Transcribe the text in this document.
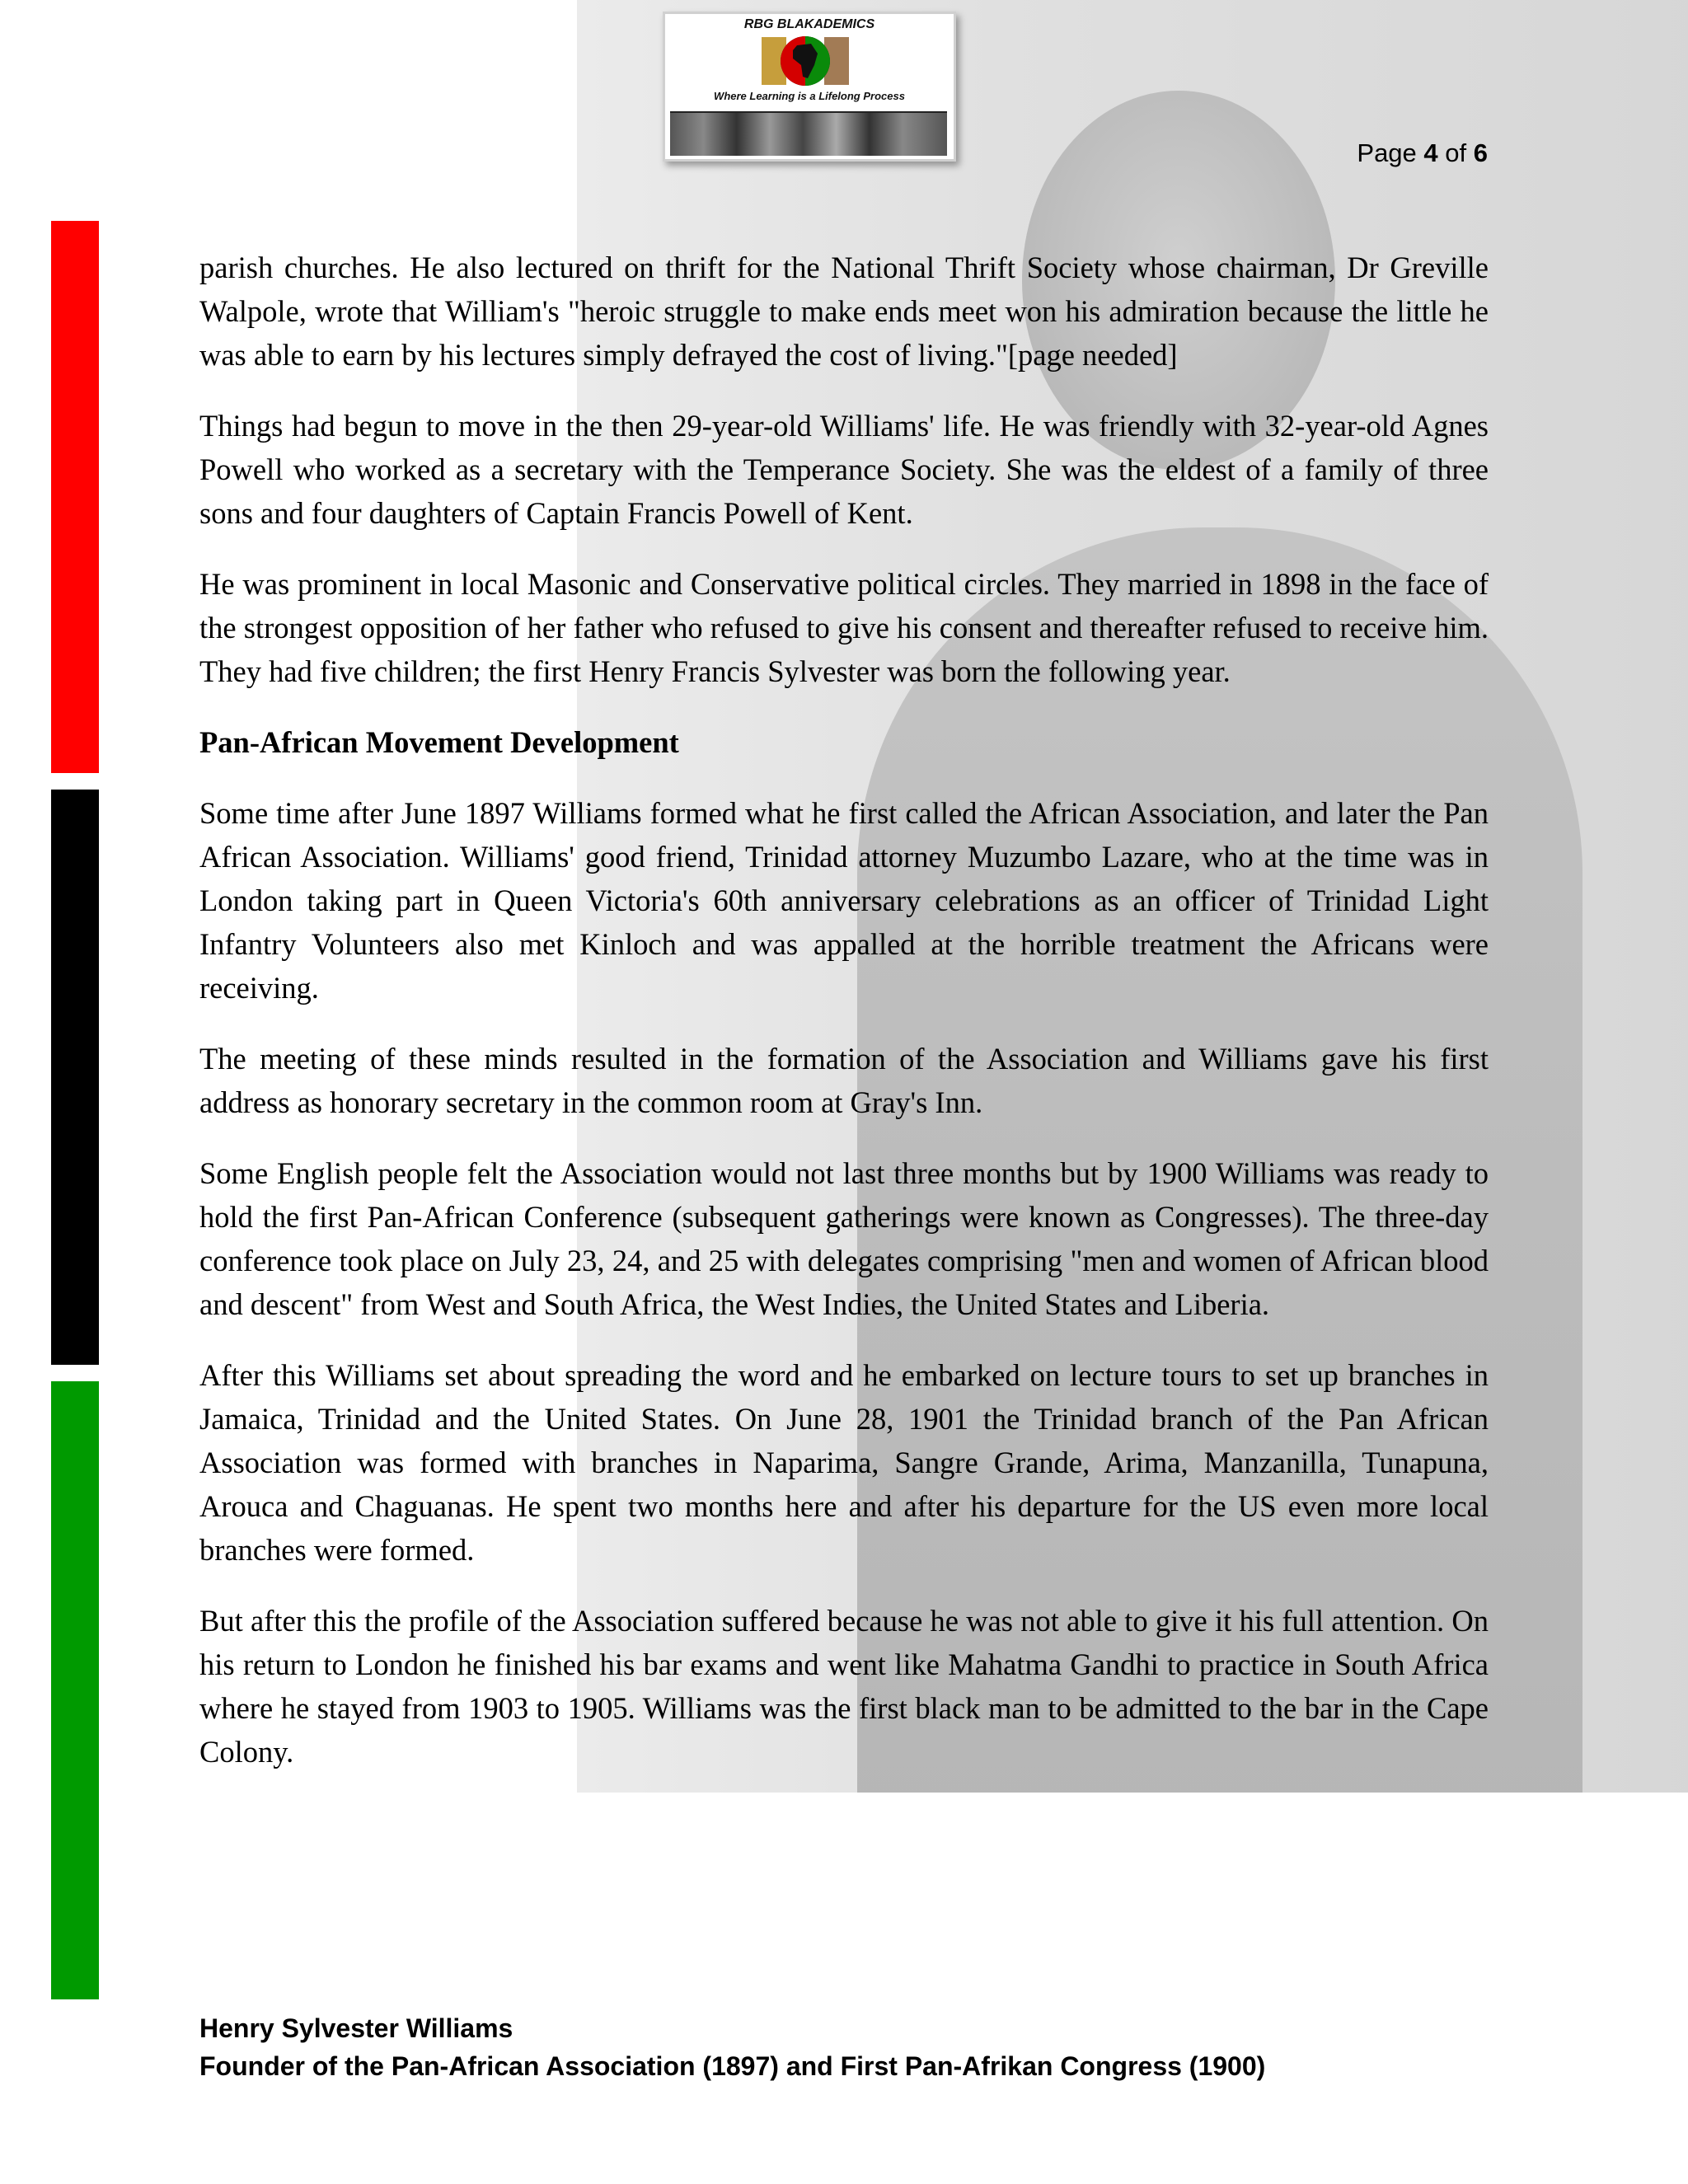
RBG BLAKADEMICS
Where Learning is a Lifelong Process
Page 4 of 6

parish churches. He also lectured on thrift for the National Thrift Society whose chairman, Dr Greville Walpole, wrote that William's "heroic struggle to make ends meet won his admiration because the little he was able to earn by his lectures simply defrayed the cost of living."[page needed]

Things had begun to move in the then 29-year-old Williams' life. He was friendly with 32-year-old Agnes Powell who worked as a secretary with the Temperance Society. She was the eldest of a family of three sons and four daughters of Captain Francis Powell of Kent.

He was prominent in local Masonic and Conservative political circles. They married in 1898 in the face of the strongest opposition of her father who refused to give his consent and thereafter refused to receive him. They had five children; the first Henry Francis Sylvester was born the following year.

Pan-African Movement Development

Some time after June 1897 Williams formed what he first called the African Association, and later the Pan African Association. Williams' good friend, Trinidad attorney Muzumbo Lazare, who at the time was in London taking part in Queen Victoria's 60th anniversary celebrations as an officer of Trinidad Light Infantry Volunteers also met Kinloch and was appalled at the horrible treatment the Africans were receiving.

The meeting of these minds resulted in the formation of the Association and Williams gave his first address as honorary secretary in the common room at Gray's Inn.

Some English people felt the Association would not last three months but by 1900 Williams was ready to hold the first Pan-African Conference (subsequent gatherings were known as Congresses). The three-day conference took place on July 23, 24, and 25 with delegates comprising "men and women of African blood and descent" from West and South Africa, the West Indies, the United States and Liberia.

After this Williams set about spreading the word and he embarked on lecture tours to set up branches in Jamaica, Trinidad and the United States. On June 28, 1901 the Trinidad branch of the Pan African Association was formed with branches in Naparima, Sangre Grande, Arima, Manzanilla, Tunapuna, Arouca and Chaguanas. He spent two months here and after his departure for the US even more local branches were formed.

But after this the profile of the Association suffered because he was not able to give it his full attention. On his return to London he finished his bar exams and went like Mahatma Gandhi to practice in South Africa where he stayed from 1903 to 1905. Williams was the first black man to be admitted to the bar in the Cape Colony.

Henry Sylvester Williams
Founder of the Pan-African Association (1897) and First Pan-Afrikan Congress (1900)
